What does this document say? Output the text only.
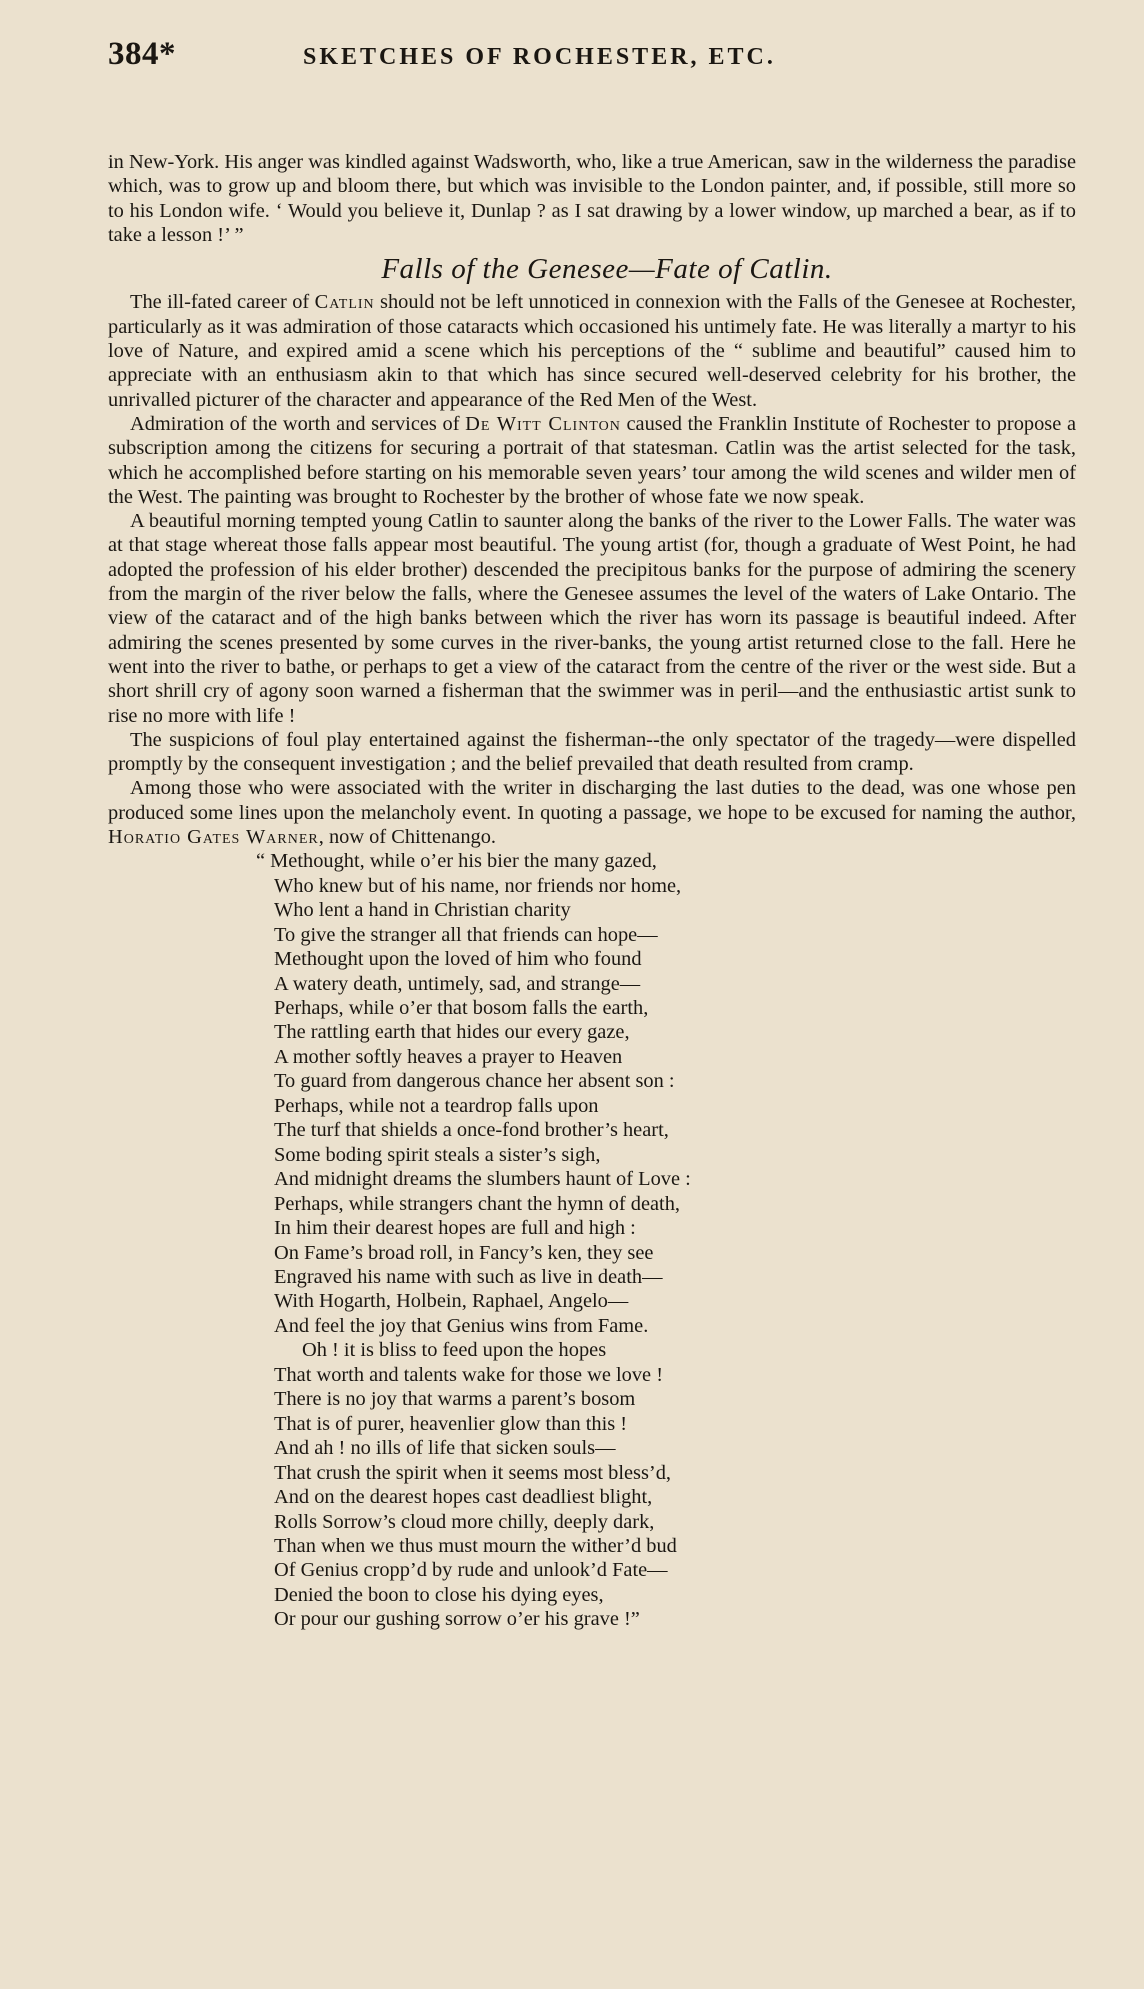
384*	SKETCHES OF ROCHESTER, ETC.

in New-York. His anger was kindled against Wadsworth, who, like a true American, saw in the wilderness the paradise which, was to grow up and bloom there, but which was invisible to the London painter, and, if possible, still more so to his London wife. ‘ Would you believe it, Dunlap ? as I sat drawing by a lower window, up marched a bear, as if to take a lesson !’ ”

Falls of the Genesee—Fate of Catlin.

The ill-fated career of Catlin should not be left unnoticed in connexion with the Falls of the Genesee at Rochester, particularly as it was admiration of those cataracts which occasioned his untimely fate. He was literally a martyr to his love of Nature, and expired amid a scene which his perceptions of the “ sublime and beautiful” caused him to appreciate with an enthusiasm akin to that which has since secured well-deserved celebrity for his brother, the unrivalled picturer of the character and appearance of the Red Men of the West.

Admiration of the worth and services of De Witt Clinton caused the Franklin Institute of Rochester to propose a subscription among the citizens for securing a portrait of that statesman. Catlin was the artist selected for the task, which he accomplished before starting on his memorable seven years’ tour among the wild scenes and wilder men of the West. The painting was brought to Rochester by the brother of whose fate we now speak.

A beautiful morning tempted young Catlin to saunter along the banks of the river to the Lower Falls. The water was at that stage whereat those falls appear most beautiful. The young artist (for, though a graduate of West Point, he had adopted the profession of his elder brother) descended the precipitous banks for the purpose of admiring the scenery from the margin of the river below the falls, where the Genesee assumes the level of the waters of Lake Ontario. The view of the cataract and of the high banks between which the river has worn its passage is beautiful indeed. After admiring the scenes presented by some curves in the river-banks, the young artist returned close to the fall. Here he went into the river to bathe, or perhaps to get a view of the cataract from the centre of the river or the west side. But a short shrill cry of agony soon warned a fisherman that the swimmer was in peril—and the enthusiastic artist sunk to rise no more with life !

The suspicions of foul play entertained against the fisherman--the only spectator of the tragedy—were dispelled promptly by the consequent investigation ; and the belief prevailed that death resulted from cramp.

Among those who were associated with the writer in discharging the last duties to the dead, was one whose pen produced some lines upon the melancholy event. In quoting a passage, we hope to be excused for naming the author, Horatio Gates Warner, now of Chittenango.

“ Methought, while o’er his bier the many gazed,
Who knew but of his name, nor friends nor home,
Who lent a hand in Christian charity
To give the stranger all that friends can hope—
Methought upon the loved of him who found
A watery death, untimely, sad, and strange—
Perhaps, while o’er that bosom falls the earth,
The rattling earth that hides our every gaze,
A mother softly heaves a prayer to Heaven
To guard from dangerous chance her absent son :
Perhaps, while not a teardrop falls upon
The turf that shields a once-fond brother’s heart,
Some boding spirit steals a sister’s sigh,
And midnight dreams the slumbers haunt of Love :
Perhaps, while strangers chant the hymn of death,
In him their dearest hopes are full and high :
On Fame’s broad roll, in Fancy’s ken, they see
Engraved his name with such as live in death—
With Hogarth, Holbein, Raphael, Angelo—
And feel the joy that Genius wins from Fame.
Oh ! it is bliss to feed upon the hopes
That worth and talents wake for those we love !
There is no joy that warms a parent’s bosom
That is of purer, heavenlier glow than this !
And ah ! no ills of life that sicken souls—
That crush the spirit when it seems most bless’d,
And on the dearest hopes cast deadliest blight,
Rolls Sorrow’s cloud more chilly, deeply dark,
Than when we thus must mourn the wither’d bud
Of Genius cropp’d by rude and unlook’d Fate—
Denied the boon to close his dying eyes,
Or pour our gushing sorrow o’er his grave !”
